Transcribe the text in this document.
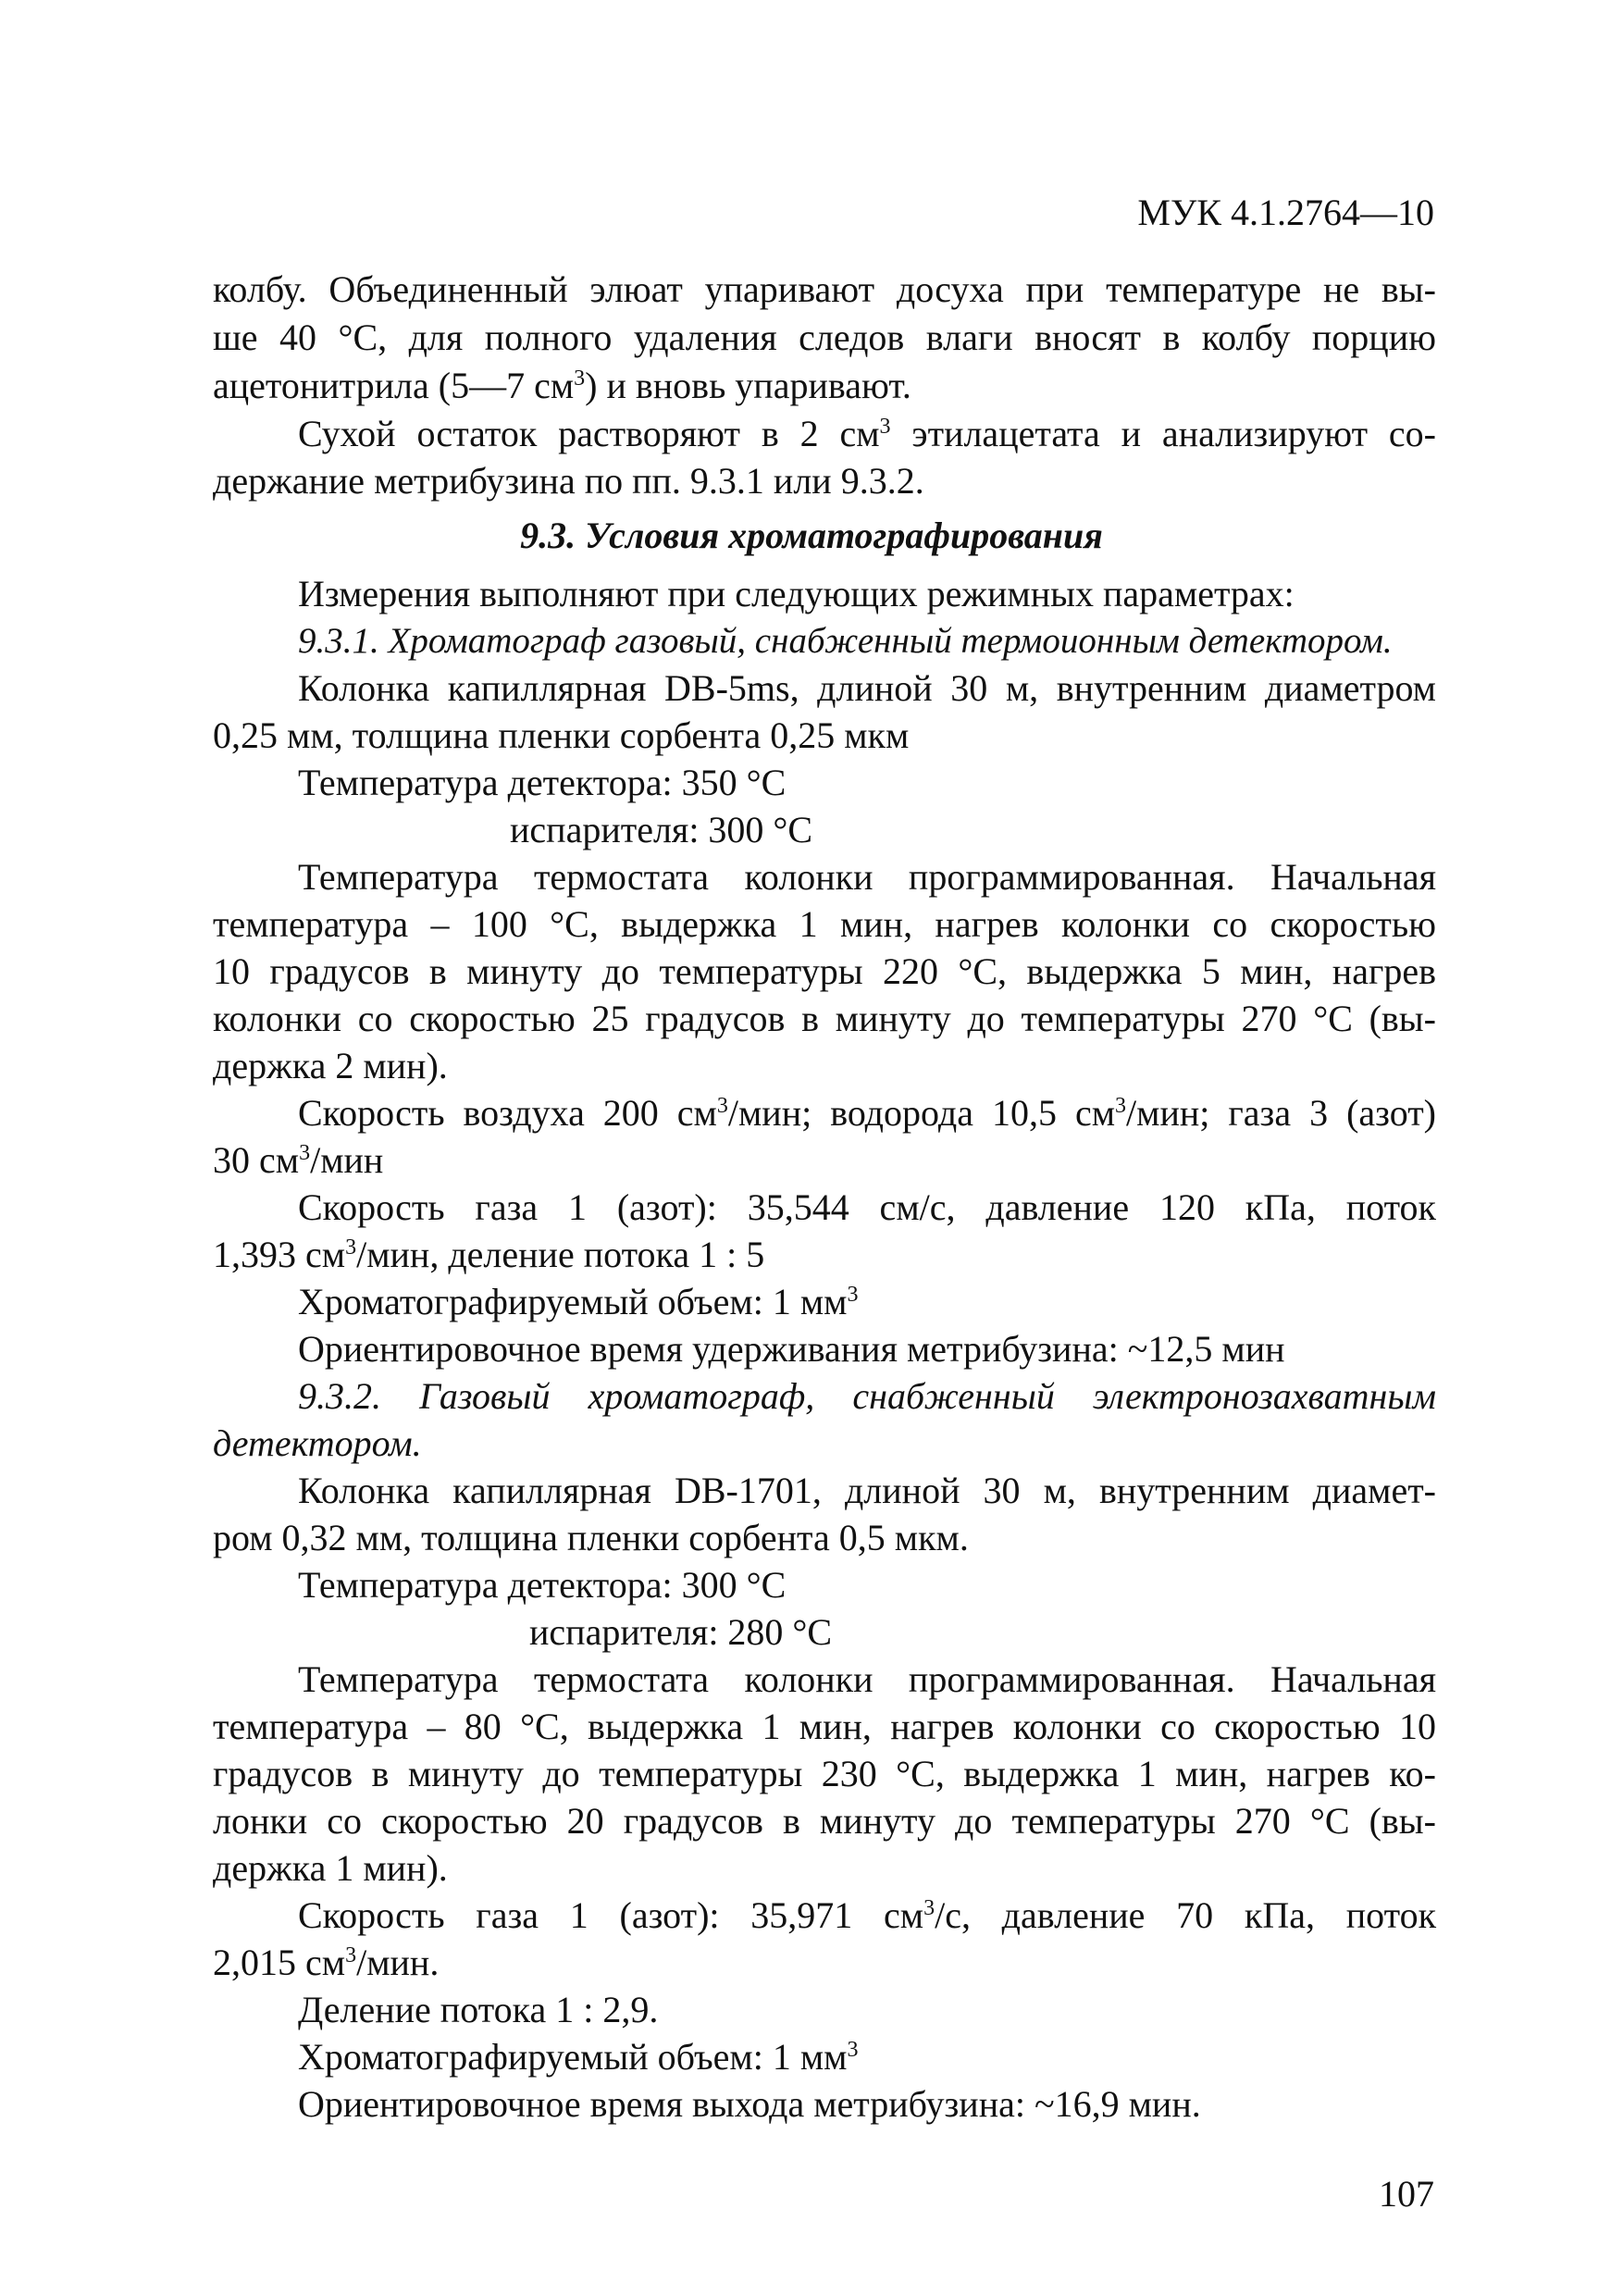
МУК 4.1.2764—10
колбу. Объединенный элюат упаривают досуха при температуре не вы-
ше 40 °С, для полного удаления следов влаги вносят в колбу порцию
ацетонитрила (5—7 $см^3$) и вновь упаривают.
Сухой остаток растворяют в 2 $см^3$ этилацетата и анализируют со-
держание метрибузина по пп. 9.3.1 или 9.3.2.
9.3. Условия хроматографирования
Измерения выполняют при следующих режимных параметрах:
9.3.1. Хроматограф газовый, снабженный термоионным детектором.
Колонка капиллярная DB-5ms, длиной 30 м, внутренним диаметром
0,25 мм, толщина пленки сорбента 0,25 мкм
Температура детектора: 350 °С
испарителя: 300 °С
Температура термостата колонки программированная. Начальная
температура – 100 °С, выдержка 1 мин, нагрев колонки со скоростью
10 градусов в минуту до температуры 220 °С, выдержка 5 мин, нагрев
колонки со скоростью 25 градусов в минуту до температуры 270 °С (вы-
держка 2 мин).
Скорость воздуха 200 $см^3$/мин; водорода 10,5 $см^3$/мин; газа 3 (азот)
30 $см^3$/мин
Скорость газа 1 (азот): 35,544 см/с, давление 120 кПа, поток
1,393 $см^3$/мин, деление потока 1 : 5
Хроматографируемый объем: 1 $мм^3$
Ориентировочное время удерживания метрибузина: ~12,5 мин
9.3.2. Газовый хроматограф, снабженный электронозахватным
детектором.
Колонка капиллярная DB-1701, длиной 30 м, внутренним диамет-
ром 0,32 мм, толщина пленки сорбента 0,5 мкм.
Температура детектора: 300 °С
испарителя: 280 °С
Температура термостата колонки программированная. Начальная
температура – 80 °С, выдержка 1 мин, нагрев колонки со скоростью 10
градусов в минуту до температуры 230 °С, выдержка 1 мин, нагрев ко-
лонки со скоростью 20 градусов в минуту до температуры 270 °С (вы-
держка 1 мин).
Скорость газа 1 (азот): 35,971 $см^3/с$, давление 70 кПа, поток
2,015 $см^3$/мин.
Деление потока 1 : 2,9.
Хроматографируемый объем: 1 $мм^3$
Ориентировочное время выхода метрибузина: ~16,9 мин.
107
